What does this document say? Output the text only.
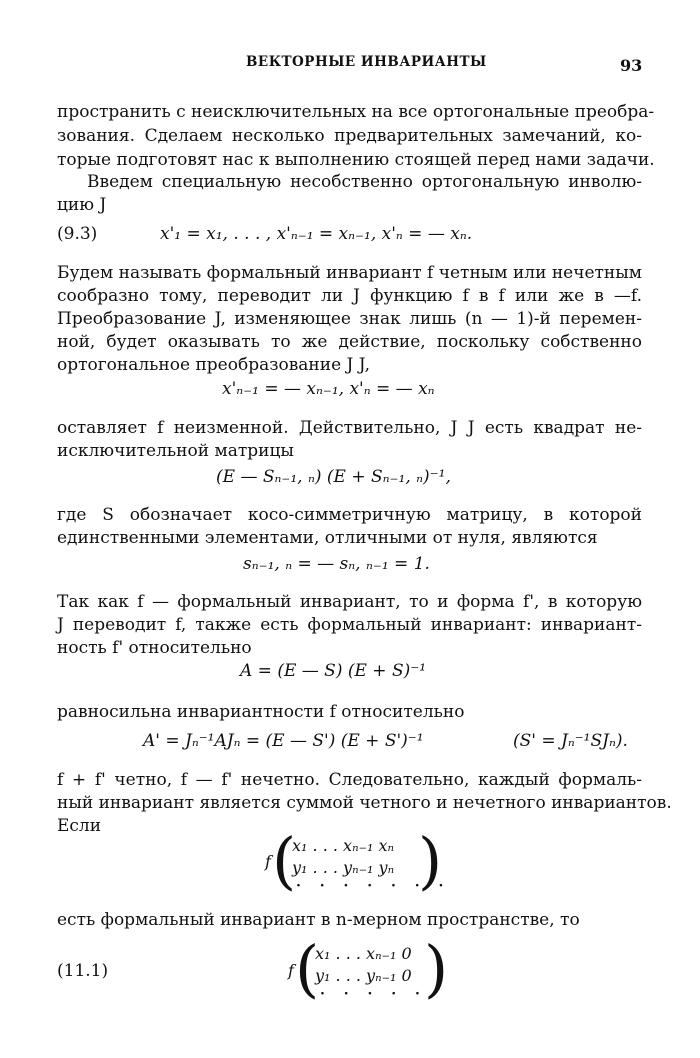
ВЕКТОРНЫЕ ИНВАРИАНТЫ	93
пространить с неисключительных на все ортогональные преобра-
зования. Сделаем несколько предварительных замечаний, ко-
торые подготовят нас к выполнению стоящей перед нами задачи.
Введем специальную несобственно ортогональную инволю-
цию J
(9.3)	x'₁ = x₁, . . . , x'ₙ₋₁ = xₙ₋₁, x'ₙ = — xₙ.
Будем называть формальный инвариант f четным или нечетным
сообразно тому, переводит ли J функцию f в f или же в —f.
Преобразование J, изменяющее знак лишь (n — 1)-й перемен-
ной, будет оказывать то же действие, поскольку собственно
ортогональное преобразование J J,
x'ₙ₋₁ = — xₙ₋₁, x'ₙ = — xₙ
оставляет f неизменной. Действительно, J J есть квадрат не-
исключительной матрицы
(E — Sₙ₋₁, ₙ) (E + Sₙ₋₁, ₙ)⁻¹,
где S обозначает косо-симметричную матрицу, в которой
единственными элементами, отличными от нуля, являются
sₙ₋₁, ₙ = — sₙ, ₙ₋₁ = 1.
Так как f — формальный инвариант, то и форма f', в которую
J переводит f, также есть формальный инвариант: инвариант-
ность f' относительно
A = (E — S) (E + S)⁻¹
равносильна инвариантности f относительно
A' = Jₙ⁻¹AJₙ = (E — S') (E + S')⁻¹	(S' = Jₙ⁻¹SJₙ).
f + f' четно, f — f' нечетно. Следовательно, каждый формаль-
ный инвариант является суммой четного и нечетного инвариантов.
Если
f (
x₁ . . . xₙ₋₁ xₙ
y₁ . . . yₙ₋₁ yₙ
· · · · · · ·
)
есть формальный инвариант в n-мерном пространстве, то
(11.1)	f (
x₁ . . . xₙ₋₁ 0
y₁ . . . yₙ₋₁ 0
· · · · ·
)
